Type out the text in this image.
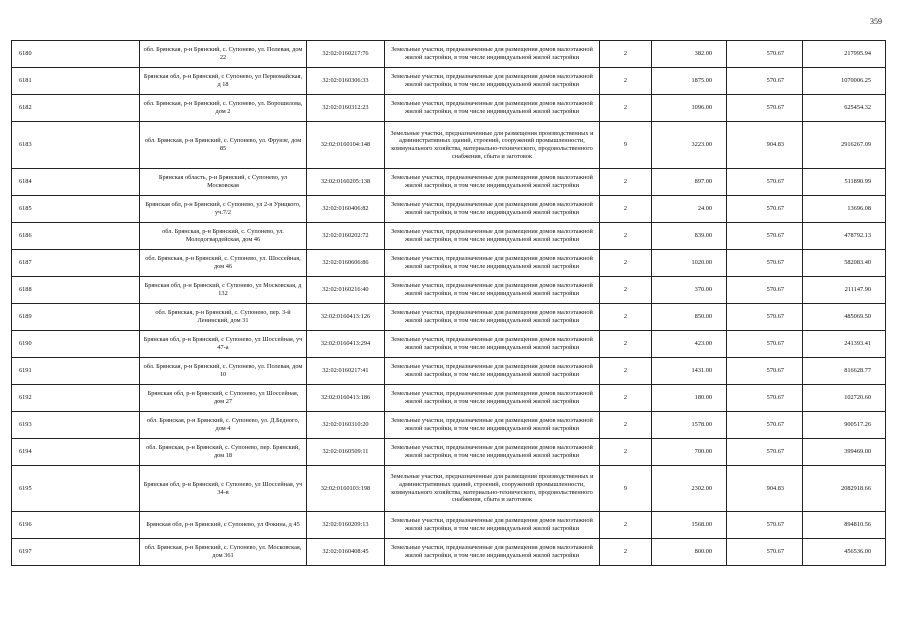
359
6180	обл. Брянская, р-н Брянский, с. Супонево, ул. Полевая, дом 22	32:02:0160217:76	Земельные участки, предназначенные для размещения домов малоэтажной жилой застройки, в том числе индивидуальной жилой застройки	2	382.00	570.67	217995.94
6181	Брянская обл, р-н Брянский, с Супонево, ул Первомайская, д 18	32:02:0160306:33	Земельные участки, предназначенные для размещения домов малоэтажной жилой застройки, в том числе индивидуальной жилой застройки	2	1875.00	570.67	1070006.25
6182	обл. Брянская, р-н Брянский, с. Супонево, ул. Ворошилова, дом 2	32:02:0160312:23	Земельные участки, предназначенные для размещения домов малоэтажной жилой застройки, в том числе индивидуальной жилой застройки	2	1096.00	570.67	625454.32
6183	обл. Брянская, р-н Брянский, с. Супонево, ул. Фрунзе, дом 85	32:02:0160104:148	Земельные участки, предназначенные для размещения производственных и административных зданий, строений, сооружений промышленности, коммунального хозяйства, материально-технического, продовольственного снабжения, сбыта и заготовок	9	3223.00	904.83	2916267.09
6184	Брянская область, р-н Брянский, с Супонево, ул Московская	32:02:0160205:138	Земельные участки, предназначенные для размещения домов малоэтажной жилой застройки, в том числе индивидуальной жилой застройки	2	897.00	570.67	511890.99
6185	Брянская обл, р-н Брянский, с Супонево, ул 2-я Урицкого, уч.7/2	32:02:0160406:82	Земельные участки, предназначенные для размещения домов малоэтажной жилой застройки, в том числе индивидуальной жилой застройки	2	24.00	570.67	13696.08
6186	обл. Брянская, р-н Брянский, с. Супонево, ул. Молодогвардейская, дом 46	32:02:0160202:72	Земельные участки, предназначенные для размещения домов малоэтажной жилой застройки, в том числе индивидуальной жилой застройки	2	839.00	570.67	478792.13
6187	обл. Брянская, р-н Брянский, с. Супонево, ул. Шоссейная, дом 46	32:02:0160606:86	Земельные участки, предназначенные для размещения домов малоэтажной жилой застройки, в том числе индивидуальной жилой застройки	2	1020.00	570.67	582083.40
6188	Брянская обл, р-н Брянский, с Супонево, ул Московская, д 132	32:02:0160216:40	Земельные участки, предназначенные для размещения домов малоэтажной жилой застройки, в том числе индивидуальной жилой застройки	2	370.00	570.67	211147.90
6189	обл. Брянская, р-н Брянский, с. Супонево, пер. 3-й Ленинский, дом 31	32:02:0160413:126	Земельные участки, предназначенные для размещения домов малоэтажной жилой застройки, в том числе индивидуальной жилой застройки	2	850.00	570.67	485069.50
6190	Брянская обл, р-н Брянский, с Супонево, ул Шоссейная, уч 47-а	32:02:0160413:294	Земельные участки, предназначенные для размещения домов малоэтажной жилой застройки, в том числе индивидуальной жилой застройки	2	423.00	570.67	241393.41
6191	обл. Брянская, р-н Брянский, с. Супонево, ул. Полевая, дом 10	32:02:0160217:41	Земельные участки, предназначенные для размещения домов малоэтажной жилой застройки, в том числе индивидуальной жилой застройки	2	1431.00	570.67	816628.77
6192	Брянская обл, р-н Брянский, с Супонево, ул Шоссейная, дом 27	32:02:0160413:186	Земельные участки, предназначенные для размещения домов малоэтажной жилой застройки, в том числе индивидуальной жилой застройки	2	180.00	570.67	102720.60
6193	обл. Брянская, р-н Брянский, с. Супонево, ул. Д.Бедного, дом 4	32:02:0160310:20	Земельные участки, предназначенные для размещения домов малоэтажной жилой застройки, в том числе индивидуальной жилой застройки	2	1578.00	570.67	900517.26
6194	обл. Брянская, р-н Брянский, с. Супонево, пер. Брянский, дом 18	32:02:0160509:11	Земельные участки, предназначенные для размещения домов малоэтажной жилой застройки, в том числе индивидуальной жилой застройки	2	700.00	570.67	399469.00
6195	Брянская обл, р-н Брянский, с Супонево, ул Шоссейная, уч 34-в	32:02:0160103:198	Земельные участки, предназначенные для размещения производственных и административных зданий, строений, сооружений промышленности, коммунального хозяйства, материально-технического, продовольственного снабжения, сбыта и заготовок	9	2302.00	904.83	2082918.66
6196	Брянская обл, р-н Брянский, с Супонево, ул Фокина, д 45	32:02:0160209:13	Земельные участки, предназначенные для размещения домов малоэтажной жилой застройки, в том числе индивидуальной жилой застройки	2	1568.00	570.67	894810.56
6197	обл. Брянская, р-н Брянский, с. Супонево, ул. Московская, дом 361	32:02:0160408:45	Земельные участки, предназначенные для размещения домов малоэтажной жилой застройки, в том числе индивидуальной жилой застройки	2	800.00	570.67	456536.00
